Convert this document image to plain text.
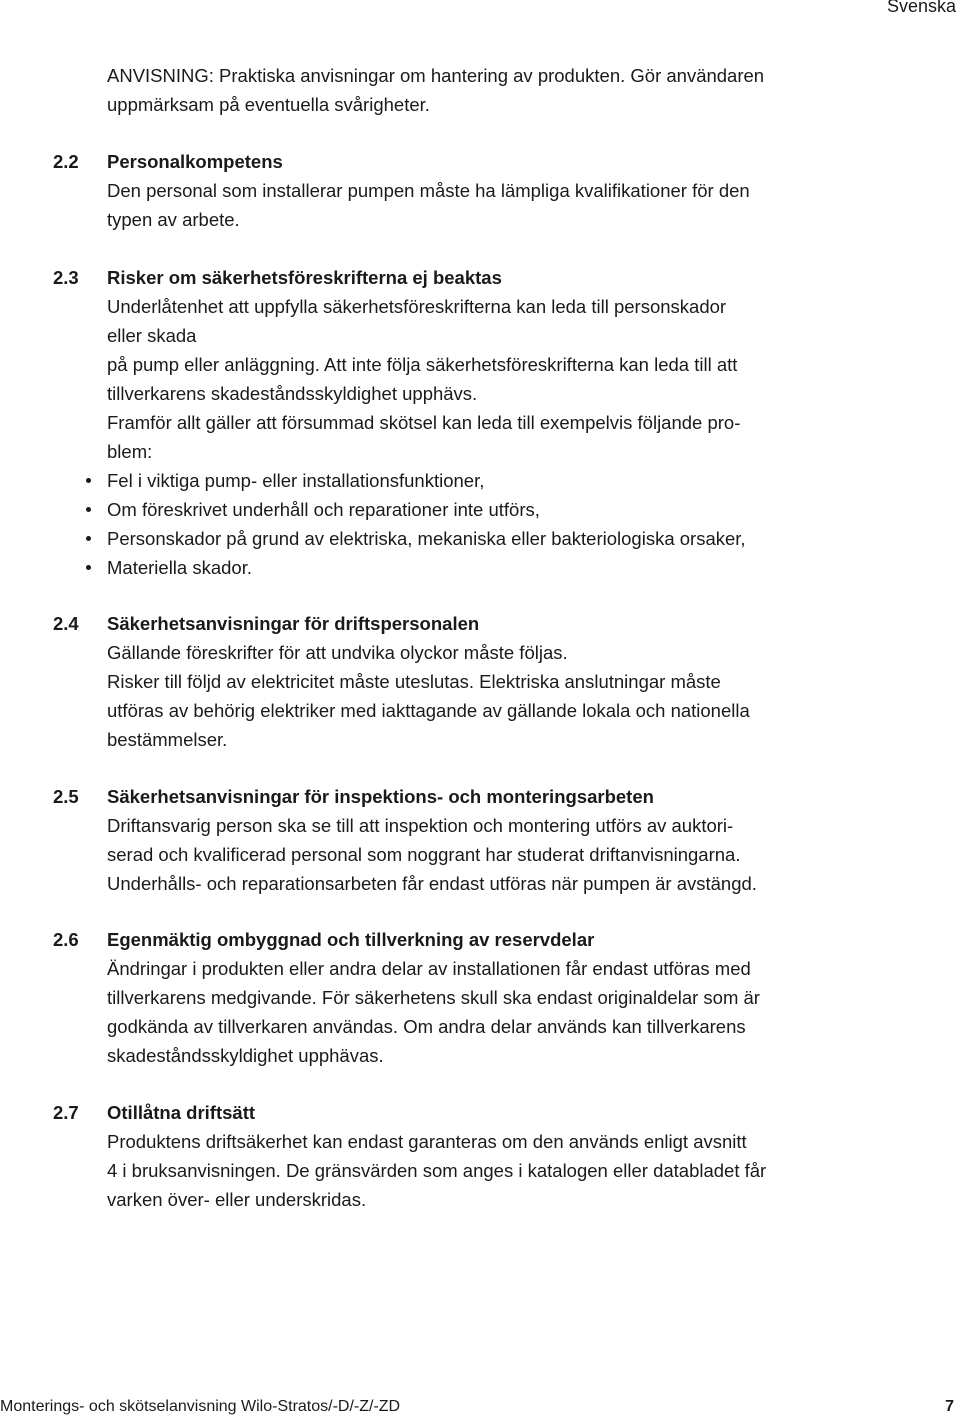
Svenska
ANVISNING: Praktiska anvisningar om hantering av produkten. Gör användaren
uppmärksam på eventuella svårigheter.
2.2 Personalkompetens
Den personal som installerar pumpen måste ha lämpliga kvalifikationer för den
typen av arbete.
2.3 Risker om säkerhetsföreskrifterna ej beaktas
Underlåtenhet att uppfylla säkerhetsföreskrifterna kan leda till personskador
eller skada
på pump eller anläggning. Att inte följa säkerhetsföreskrifterna kan leda till att
tillverkarens skadeståndsskyldighet upphävs.
Framför allt gäller att försummad skötsel kan leda till exempelvis följande pro-
blem:
Fel i viktiga pump- eller installationsfunktioner,
Om föreskrivet underhåll och reparationer inte utförs,
Personskador på grund av elektriska, mekaniska eller bakteriologiska orsaker,
Materiella skador.
2.4 Säkerhetsanvisningar för driftspersonalen
Gällande föreskrifter för att undvika olyckor måste följas.
Risker till följd av elektricitet måste uteslutas. Elektriska anslutningar måste
utföras av behörig elektriker med iakttagande av gällande lokala och nationella
bestämmelser.
2.5 Säkerhetsanvisningar för inspektions- och monteringsarbeten
Driftansvarig person ska se till att inspektion och montering utförs av auktori-
serad och kvalificerad personal som noggrant har studerat driftanvisningarna.
Underhålls- och reparationsarbeten får endast utföras när pumpen är avstängd.
2.6 Egenmäktig ombyggnad och tillverkning av reservdelar
Ändringar i produkten eller andra delar av installationen får endast utföras med
tillverkarens medgivande. För säkerhetens skull ska endast originaldelar som är
godkända av tillverkaren användas. Om andra delar används kan tillverkarens
skadeståndsskyldighet upphävas.
2.7 Otillåtna driftsätt
Produktens driftsäkerhet kan endast garanteras om den används enligt avsnitt
4 i bruksanvisningen. De gränsvärden som anges i katalogen eller databladet får
varken över- eller underskridas.
Monterings- och skötselanvisning Wilo-Stratos/-D/-Z/-ZD	7
